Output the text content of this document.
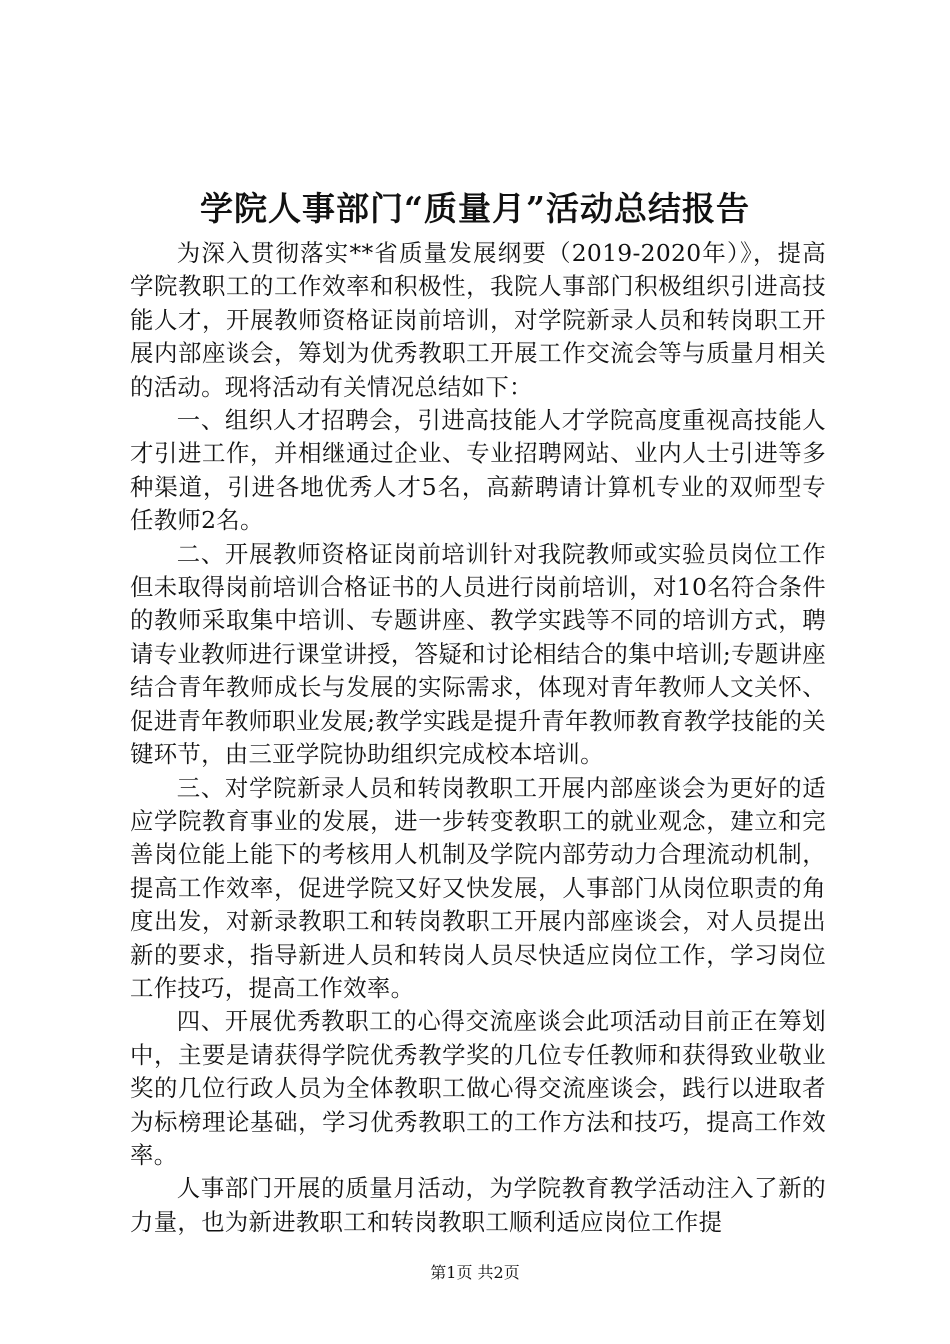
学院人事部门“质量月”活动总结报告

为深入贯彻落实**省质量发展纲要（2019-2020年）》，提高学院教职工的工作效率和积极性，我院人事部门积极组织引进高技能人才，开展教师资格证岗前培训，对学院新录人员和转岗职工开展内部座谈会，筹划为优秀教职工开展工作交流会等与质量月相关的活动。现将活动有关情况总结如下：

一、组织人才招聘会，引进高技能人才学院高度重视高技能人才引进工作，并相继通过企业、专业招聘网站、业内人士引进等多种渠道，引进各地优秀人才5名，高薪聘请计算机专业的双师型专任教师2名。

二、开展教师资格证岗前培训针对我院教师或实验员岗位工作但未取得岗前培训合格证书的人员进行岗前培训，对10名符合条件的教师采取集中培训、专题讲座、教学实践等不同的培训方式，聘请专业教师进行课堂讲授，答疑和讨论相结合的集中培训;专题讲座结合青年教师成长与发展的实际需求，体现对青年教师人文关怀、促进青年教师职业发展;教学实践是提升青年教师教育教学技能的关键环节，由三亚学院协助组织完成校本培训。

三、对学院新录人员和转岗教职工开展内部座谈会为更好的适应学院教育事业的发展，进一步转变教职工的就业观念，建立和完善岗位能上能下的考核用人机制及学院内部劳动力合理流动机制，提高工作效率，促进学院又好又快发展，人事部门从岗位职责的角度出发，对新录教职工和转岗教职工开展内部座谈会，对人员提出新的要求，指导新进人员和转岗人员尽快适应岗位工作，学习岗位工作技巧，提高工作效率。

四、开展优秀教职工的心得交流座谈会此项活动目前正在筹划中，主要是请获得学院优秀教学奖的几位专任教师和获得致业敬业奖的几位行政人员为全体教职工做心得交流座谈会，践行以进取者为标榜理论基础，学习优秀教职工的工作方法和技巧，提高工作效率。

人事部门开展的质量月活动，为学院教育教学活动注入了新的力量，也为新进教职工和转岗教职工顺利适应岗位工作提

第1页 共2页
